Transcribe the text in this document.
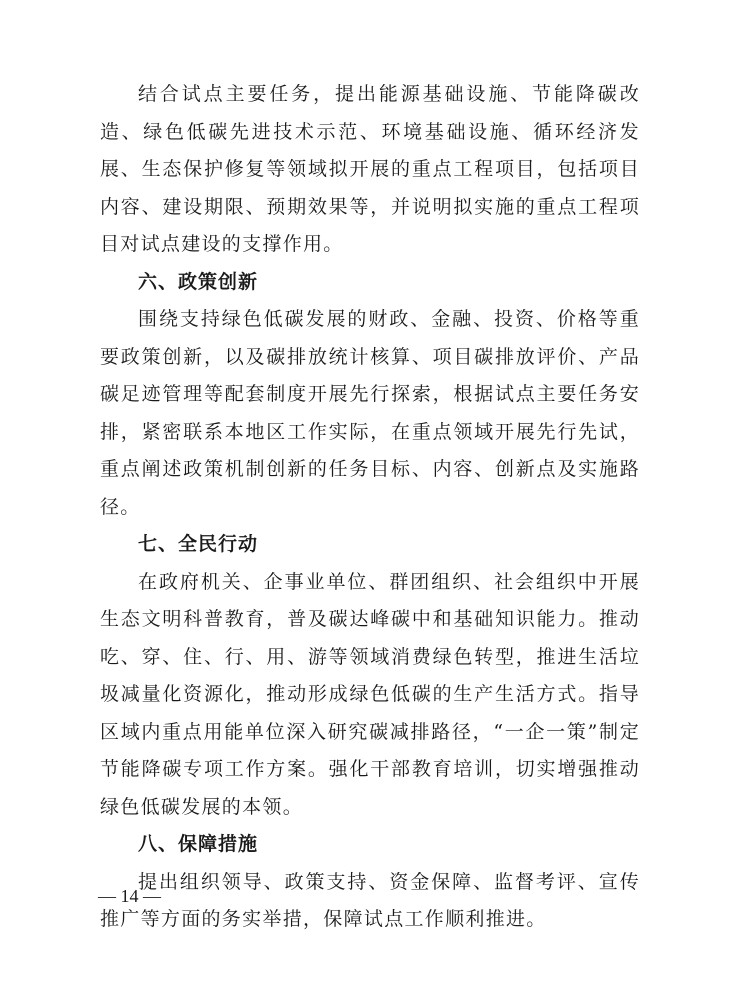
结合试点主要任务，提出能源基础设施、节能降碳改造、绿色低碳先进技术示范、环境基础设施、循环经济发展、生态保护修复等领域拟开展的重点工程项目，包括项目内容、建设期限、预期效果等，并说明拟实施的重点工程项目对试点建设的支撑作用。

六、政策创新

围绕支持绿色低碳发展的财政、金融、投资、价格等重要政策创新，以及碳排放统计核算、项目碳排放评价、产品碳足迹管理等配套制度开展先行探索，根据试点主要任务安排，紧密联系本地区工作实际，在重点领域开展先行先试，重点阐述政策机制创新的任务目标、内容、创新点及实施路径。

七、全民行动

在政府机关、企事业单位、群团组织、社会组织中开展生态文明科普教育，普及碳达峰碳中和基础知识能力。推动吃、穿、住、行、用、游等领域消费绿色转型，推进生活垃圾减量化资源化，推动形成绿色低碳的生产生活方式。指导区域内重点用能单位深入研究碳减排路径，“一企一策”制定节能降碳专项工作方案。强化干部教育培训，切实增强推动绿色低碳发展的本领。

八、保障措施

提出组织领导、政策支持、资金保障、监督考评、宣传推广等方面的务实举措，保障试点工作顺利推进。

— 14 —
